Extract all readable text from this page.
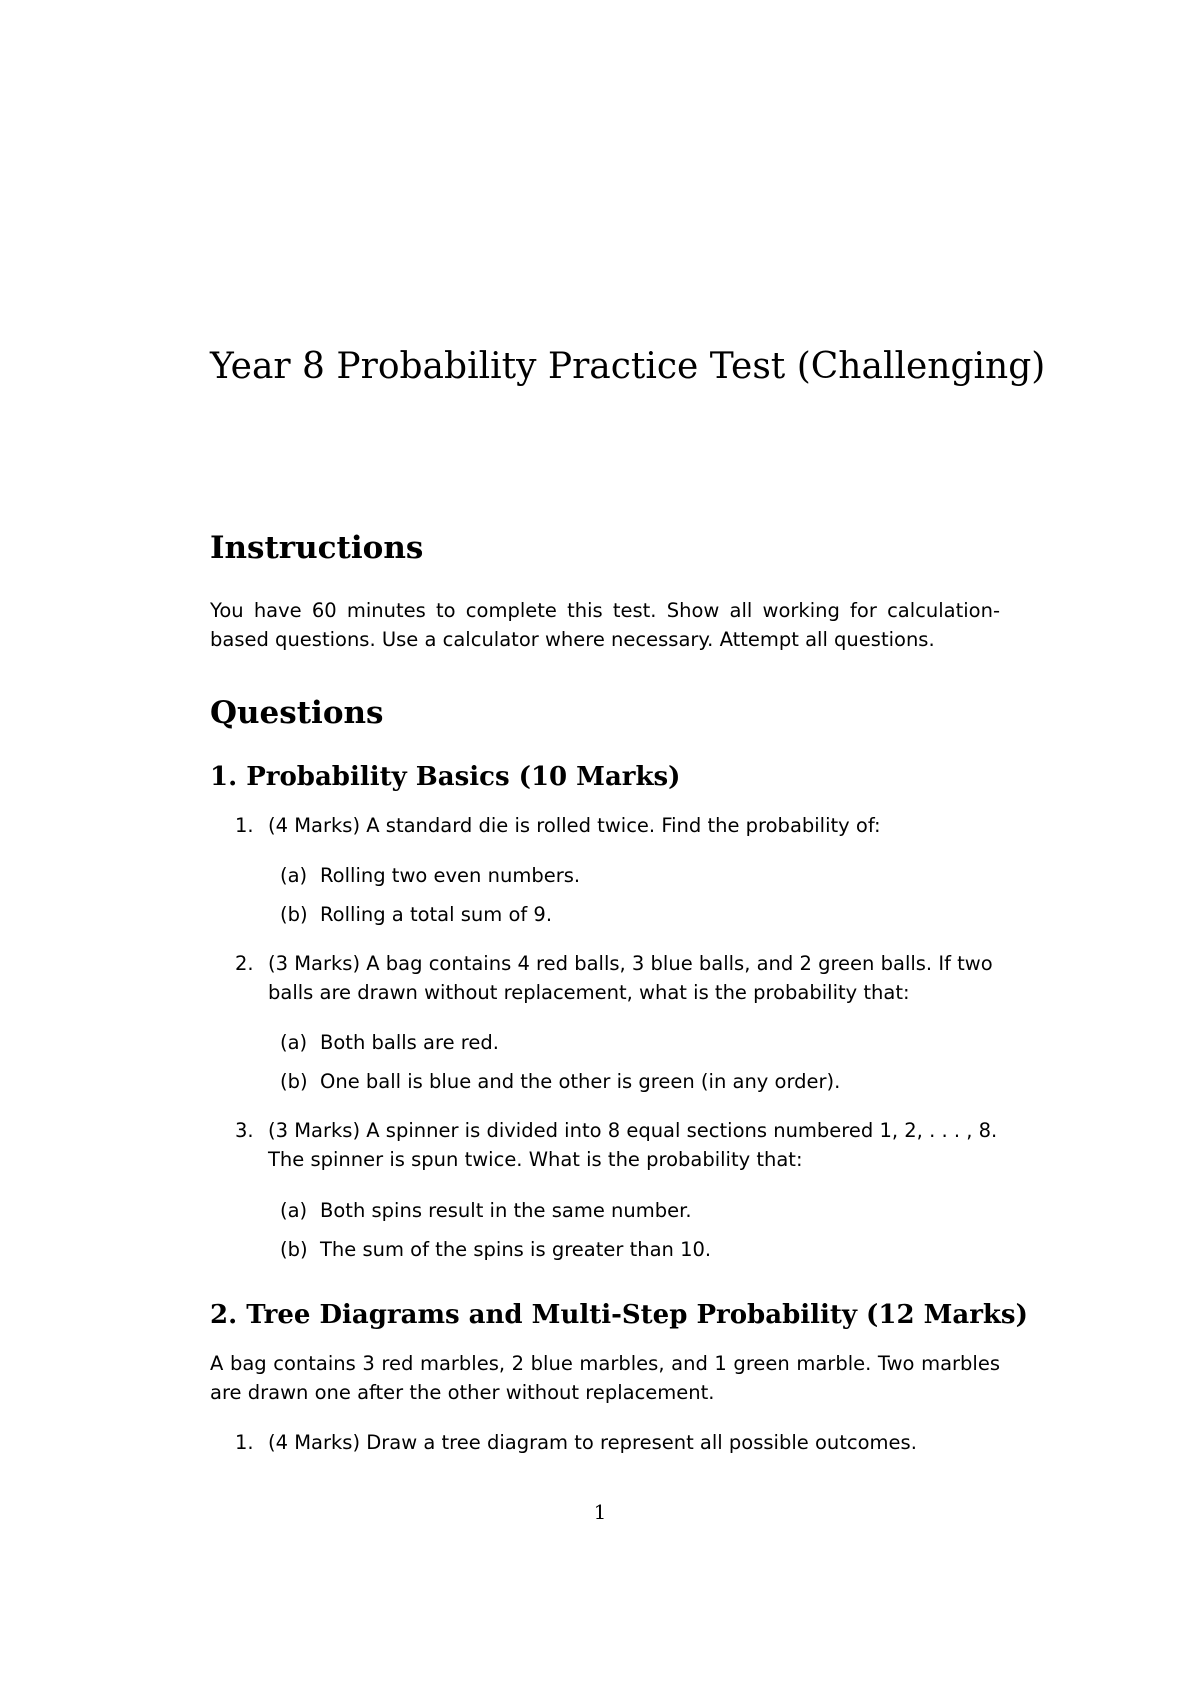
Year 8 Probability Practice Test (Challenging)
Instructions
You have 60 minutes to complete this test. Show all working for calculation-based questions. Use a calculator where necessary. Attempt all questions.
Questions
1. Probability Basics (10 Marks)
1. (4 Marks) A standard die is rolled twice. Find the probability of:
(a) Rolling two even numbers.
(b) Rolling a total sum of 9.
2. (3 Marks) A bag contains 4 red balls, 3 blue balls, and 2 green balls. If two balls are drawn without replacement, what is the probability that:
(a) Both balls are red.
(b) One ball is blue and the other is green (in any order).
3. (3 Marks) A spinner is divided into 8 equal sections numbered 1, 2, . . . , 8. The spinner is spun twice. What is the probability that:
(a) Both spins result in the same number.
(b) The sum of the spins is greater than 10.
2. Tree Diagrams and Multi-Step Probability (12 Marks)
A bag contains 3 red marbles, 2 blue marbles, and 1 green marble. Two marbles are drawn one after the other without replacement.
1. (4 Marks) Draw a tree diagram to represent all possible outcomes.
1
